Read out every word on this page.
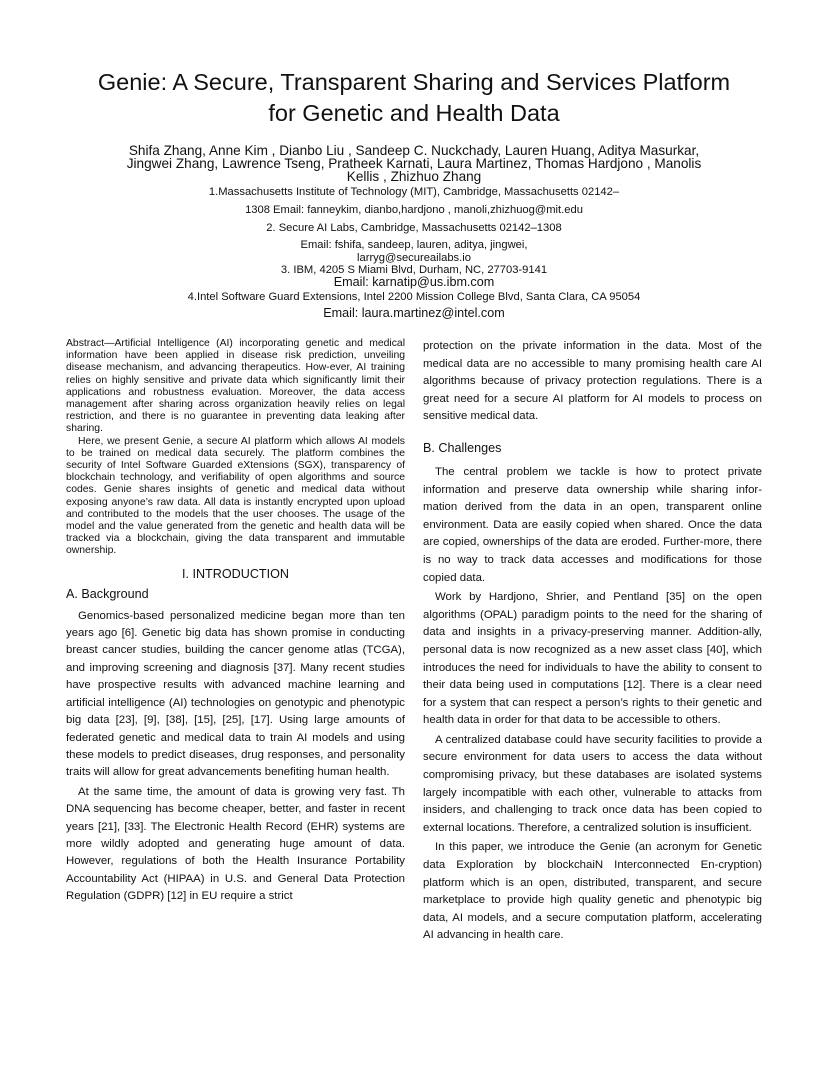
Genie: A Secure, Transparent Sharing and Services Platform
for Genetic and Health Data
Shifa Zhang, Anne Kim , Dianbo Liu , Sandeep C. Nuckchady, Lauren Huang, Aditya Masurkar,
Jingwei Zhang, Lawrence Tseng, Pratheek Karnati, Laura Martinez, Thomas Hardjono , Manolis
Kellis , Zhizhuo Zhang
1.Massachusetts Institute of Technology (MIT), Cambridge, Massachusetts 02142–
1308 Email: fanneykim, dianbo,hardjono , manoli,zhizhuog@mit.edu
2. Secure AI Labs, Cambridge, Massachusetts 02142–1308
Email: fshifa, sandeep, lauren, aditya, jingwei,
larryg@secureailabs.io
3. IBM, 4205 S Miami Blvd, Durham, NC, 27703-9141
Email: karnatip@us.ibm.com
4.Intel Software Guard Extensions, Intel 2200 Mission College Blvd, Santa Clara, CA 95054
Email: laura.martinez@intel.com

Abstract—Artificial Intelligence (AI) incorporating genetic and medical information have been applied in disease risk prediction, unveiling disease mechanism, and advancing therapeutics. How-ever, AI training relies on highly sensitive and private data which significantly limit their applications and robustness evaluation. Moreover, the data access management after sharing across organization heavily relies on legal restriction, and there is no guarantee in preventing data leaking after sharing.

Here, we present Genie, a secure AI platform which allows AI models to be trained on medical data securely. The platform combines the security of Intel Software Guarded eXtensions (SGX), transparency of blockchain technology, and verifiability of open algorithms and source codes. Genie shares insights of genetic and medical data without exposing anyone’s raw data. All data is instantly encrypted upon upload and contributed to the models that the user chooses. The usage of the model and the value generated from the genetic and health data will be tracked via a blockchain, giving the data transparent and immutable ownership.

I. INTRODUCTION
A. Background

Genomics-based personalized medicine began more than ten years ago [6]. Genetic big data has shown promise in conducting breast cancer studies, building the cancer genome atlas (TCGA), and improving screening and diagnosis [37]. Many recent studies have prospective results with advanced machine learning and artificial intelligence (AI) technologies on genotypic and phenotypic big data [23], [9], [38], [15], [25], [17]. Using large amounts of federated genetic and medical data to train AI models and using these models to predict diseases, drug responses, and personality traits will allow for great advancements benefiting human health.

At the same time, the amount of data is growing very fast. Th DNA sequencing has become cheaper, better, and faster in recent years [21], [33]. The Electronic Health Record (EHR) systems are more wildly adopted and generating huge amount of data. However, regulations of both the Health Insurance Portability Accountability Act (HIPAA) in U.S. and General Data Protection Regulation (GDPR) [12] in EU require a strict

protection on the private information in the data. Most of the medical data are no accessible to many promising health care AI algorithms because of privacy protection regulations. There is a great need for a secure AI platform for AI models to process on sensitive medical data.

B. Challenges

The central problem we tackle is how to protect private information and preserve data ownership while sharing infor-mation derived from the data in an open, transparent online environment. Data are easily copied when shared. Once the data are copied, ownerships of the data are eroded. Further-more, there is no way to track data accesses and modifications for those copied data.

Work by Hardjono, Shrier, and Pentland [35] on the open algorithms (OPAL) paradigm points to the need for the sharing of data and insights in a privacy-preserving manner. Addition-ally, personal data is now recognized as a new asset class [40], which introduces the need for individuals to have the ability to consent to their data being used in computations [12]. There is a clear need for a system that can respect a person’s rights to their genetic and health data in order for that data to be accessible to others.

A centralized database could have security facilities to provide a secure environment for data users to access the data without compromising privacy, but these databases are isolated systems largely incompatible with each other, vulnerable to attacks from insiders, and challenging to track once data has been copied to external locations. Therefore, a centralized solution is insufficient.

In this paper, we introduce the Genie (an acronym for Genetic data Exploration by blockchaiN Interconnected En-cryption) platform which is an open, distributed, transparent, and secure marketplace to provide high quality genetic and phenotypic big data, AI models, and a secure computation platform, accelerating AI advancing in health care.
